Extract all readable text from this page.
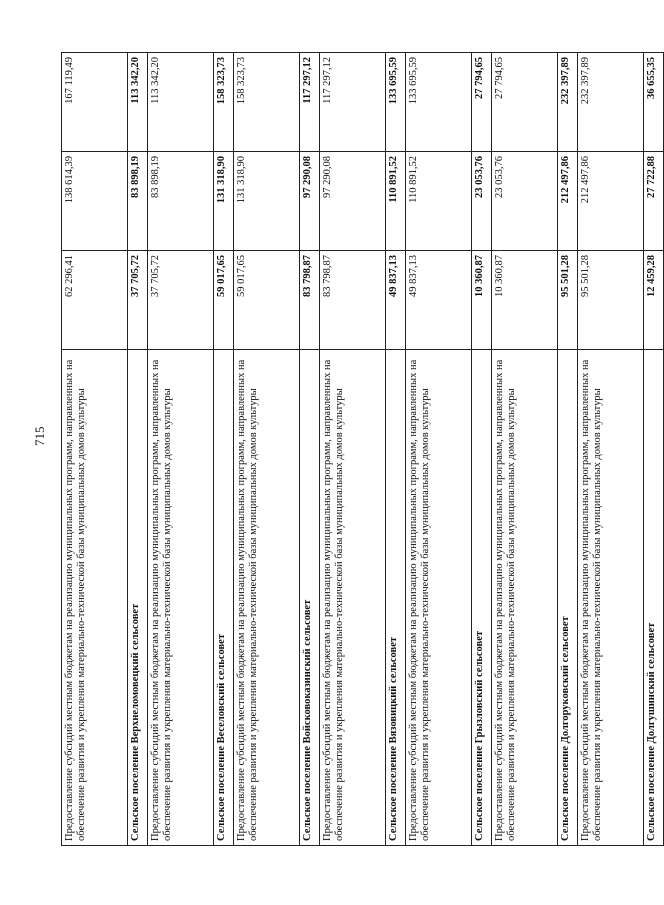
715 Предоставление субсидий местным бюджетам на реализацию муниципальных программ, направленных на обеспечение развития и укрепления материально-технической базы муниципальных домов культуры	62 296,41	138 614,39	167 119,49
Сельское поселение Верхнеломовецкий сельсовет	37 705,72	83 898,19	113 342,20
Предоставление субсидий местным бюджетам на реализацию муниципальных программ, направленных на обеспечение развития и укрепления материально-технической базы муниципальных домов культуры	37 705,72	83 898,19	113 342,20
Сельское поселение Веселовский сельсовет	59 017,65	131 318,90	158 323,73
Предоставление субсидий местным бюджетам на реализацию муниципальных программ, направленных на обеспечение развития и укрепления материально-технической базы муниципальных домов культуры	59 017,65	131 318,90	158 323,73
Сельское поселение Войсковоказинский сельсовет	83 798,87	97 290,08	117 297,12
Предоставление субсидий местным бюджетам на реализацию муниципальных программ, направленных на обеспечение развития и укрепления материально-технической базы муниципальных домов культуры	83 798,87	97 290,08	117 297,12
Сельское поселение Вязовицкий сельсовет	49 837,13	110 891,52	133 695,59
Предоставление субсидий местным бюджетам на реализацию муниципальных программ, направленных на обеспечение развития и укрепления материально-технической базы муниципальных домов культуры	49 837,13	110 891,52	133 695,59
Сельское поселение Грызловский сельсовет	10 360,87	23 053,76	27 794,65
Предоставление субсидий местным бюджетам на реализацию муниципальных программ, направленных на обеспечение развития и укрепления материально-технической базы муниципальных домов культуры	10 360,87	23 053,76	27 794,65
Сельское поселение Долгоруковский сельсовет	95 501,28	212 497,86	232 397,89
Предоставление субсидий местным бюджетам на реализацию муниципальных программ, направленных на обеспечение развития и укрепления материально-технической базы муниципальных домов культуры	95 501,28	212 497,86	232 397,89
Сельское поселение Долгушинский сельсовет	12 459,28	27 722,88	36 655,35
